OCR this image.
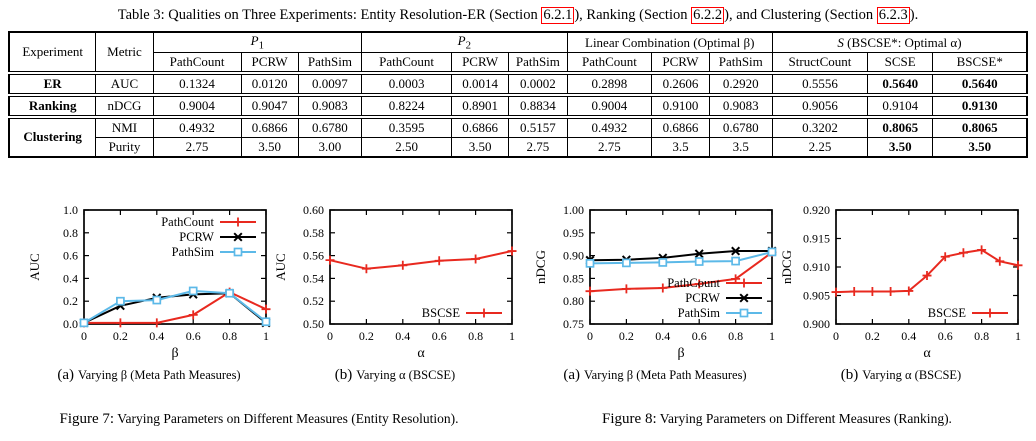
Table 3: Qualities on Three Experiments: Entity Resolution-ER (Section 6.2.1 ), Ranking (Section 6.2.2 ), and Clustering (Section 6.2.3 ).
Experiment	Metric	$P_1$			$P_2$			Linear Combination (Optimal β)			S (BSCSE*: Optimal α)		
		PathCount	PCRW	PathSim	PathCount	PCRW	PathSim	PathCount	PCRW	PathSim	StructCount	SCSE	BSCSE*
ER	AUC	0.1324	0.0120	0.0097	0.0003	0.0014	0.0002	0.2898	0.2606	0.2920	0.5556	0.5640	0.5640
Ranking	nDCG	0.9004	0.9047	0.9083	0.8224	0.8901	0.8834	0.9004	0.9100	0.9083	0.9056	0.9104	0.9130
Clustering	NMI	0.4932	0.6866	0.6780	0.3595	0.6866	0.5157	0.4932	0.6866	0.6780	0.3202	0.8065	0.8065
	Purity	2.75	3.50	3.00	2.50	3.50	2.75	2.75	3.5	3.5	2.25	3.50	3.50
0 0.2 0.4 0.6 0.8 1
0.0
0.2
0.4
0.6
0.8
1.0
β
AUC
PathCount
PCRW
PathSim
0 0.2 0.4 0.6 0.8 1
0.50
0.52
0.54
0.56
0.58
0.60
α
AUC
BSCSE
0 0.2 0.4 0.6 0.8 1
0.75
0.80
0.85
0.90
0.95
1.00
β
nDCG	PathCount
PCRW
PathSim
0 0.2 0.4 0.6 0.8 1
0.900
0.905
0.910
0.915
0.920
α
nDCG
BSCSE
(a) Varying β (Meta Path Measures)	(b) Varying α (BSCSE)	(a) Varying β (Meta Path Measures)	(b) Varying α (BSCSE)
Figure 7: Varying Parameters on Different Measures (Entity Resolution).	Figure 8: Varying Parameters on Different Measures (Ranking).
